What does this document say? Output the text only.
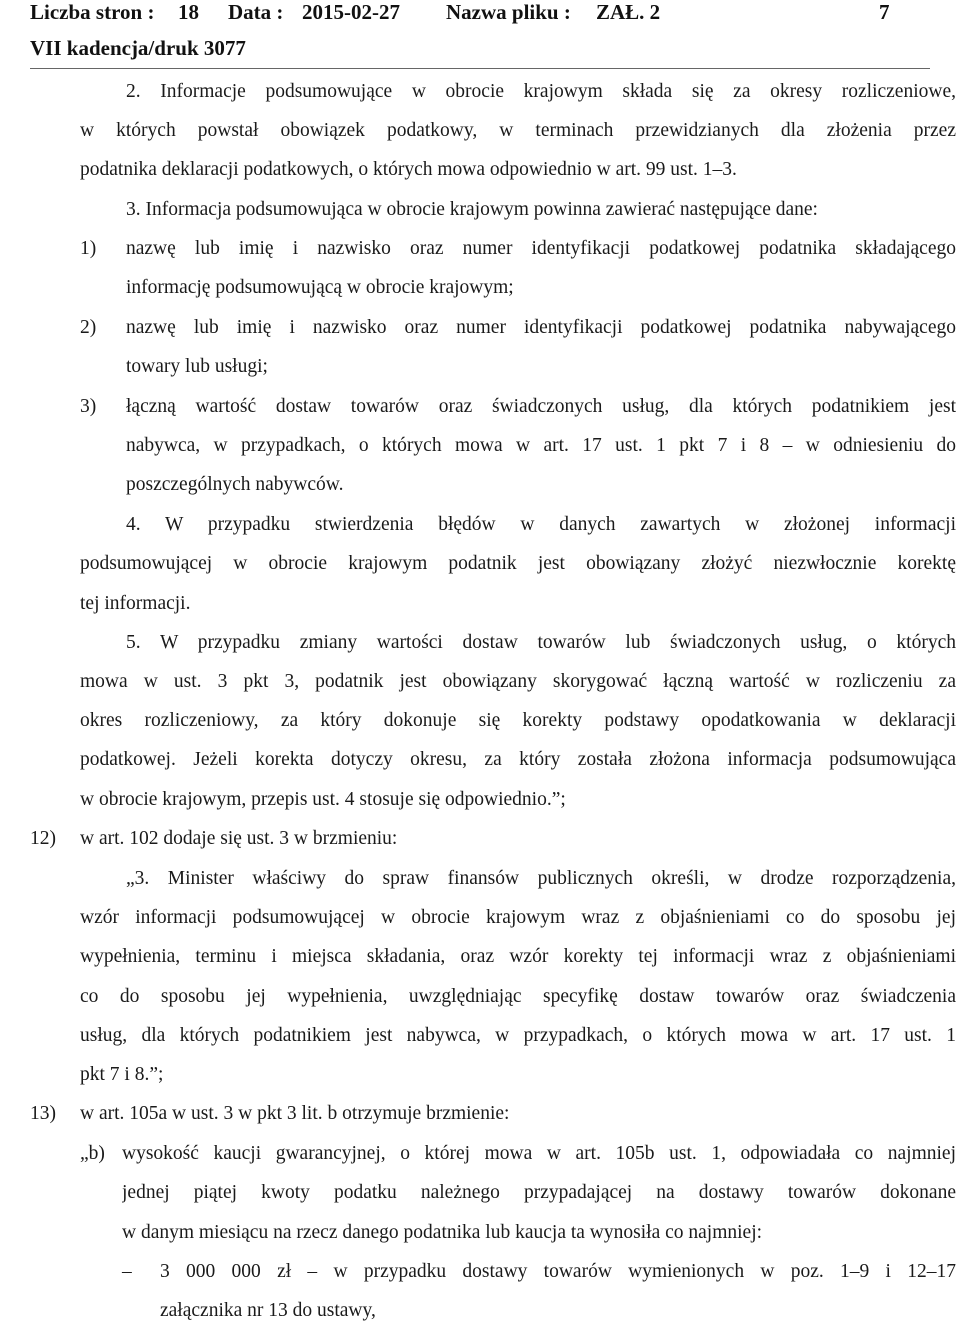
Liczba stron : 18 Data : 2015-02-27 Nazwa pliku : ZAŁ. 2	7
VII kadencja/druk 3077
2. Informacje podsumowujące w obrocie krajowym składa się za okresy rozliczeniowe,
w których powstał obowiązek podatkowy, w terminach przewidzianych dla złożenia przez
podatnika deklaracji podatkowych, o których mowa odpowiednio w art. 99 ust. 1–3.
3. Informacja podsumowująca w obrocie krajowym powinna zawierać następujące dane:
1) nazwę lub imię i nazwisko oraz numer identyfikacji podatkowej podatnika składającego
informację podsumowującą w obrocie krajowym;
2) nazwę lub imię i nazwisko oraz numer identyfikacji podatkowej podatnika nabywającego
towary lub usługi;
3) łączną wartość dostaw towarów oraz świadczonych usług, dla których podatnikiem jest
nabywca, w przypadkach, o których mowa w art. 17 ust. 1 pkt 7 i 8 – w odniesieniu do
poszczególnych nabywców.
4. W przypadku stwierdzenia błędów w danych zawartych w złożonej informacji
podsumowującej w obrocie krajowym podatnik jest obowiązany złożyć niezwłocznie korektę
tej informacji.
5. W przypadku zmiany wartości dostaw towarów lub świadczonych usług, o których
mowa w ust. 3 pkt 3, podatnik jest obowiązany skorygować łączną wartość w rozliczeniu za
okres rozliczeniowy, za który dokonuje się korekty podstawy opodatkowania w deklaracji
podatkowej. Jeżeli korekta dotyczy okresu, za który została złożona informacja podsumowująca
w obrocie krajowym, przepis ust. 4 stosuje się odpowiednio.”;
12) w art. 102 dodaje się ust. 3 w brzmieniu:
„3. Minister właściwy do spraw finansów publicznych określi, w drodze rozporządzenia,
wzór informacji podsumowującej w obrocie krajowym wraz z objaśnieniami co do sposobu jej
wypełnienia, terminu i miejsca składania, oraz wzór korekty tej informacji wraz z objaśnieniami
co do sposobu jej wypełnienia, uwzględniając specyfikę dostaw towarów oraz świadczenia
usług, dla których podatnikiem jest nabywca, w przypadkach, o których mowa w art. 17 ust. 1
pkt 7 i 8.”;
13) w art. 105a w ust. 3 w pkt 3 lit. b otrzymuje brzmienie:
„b) wysokość kaucji gwarancyjnej, o której mowa w art. 105b ust. 1, odpowiadała co najmniej
jednej piątej kwoty podatku należnego przypadającej na dostawy towarów dokonane
w danym miesiącu na rzecz danego podatnika lub kaucja ta wynosiła co najmniej:
– 3 000 000 zł – w przypadku dostawy towarów wymienionych w poz. 1–9 i 12–17
załącznika nr 13 do ustawy,
